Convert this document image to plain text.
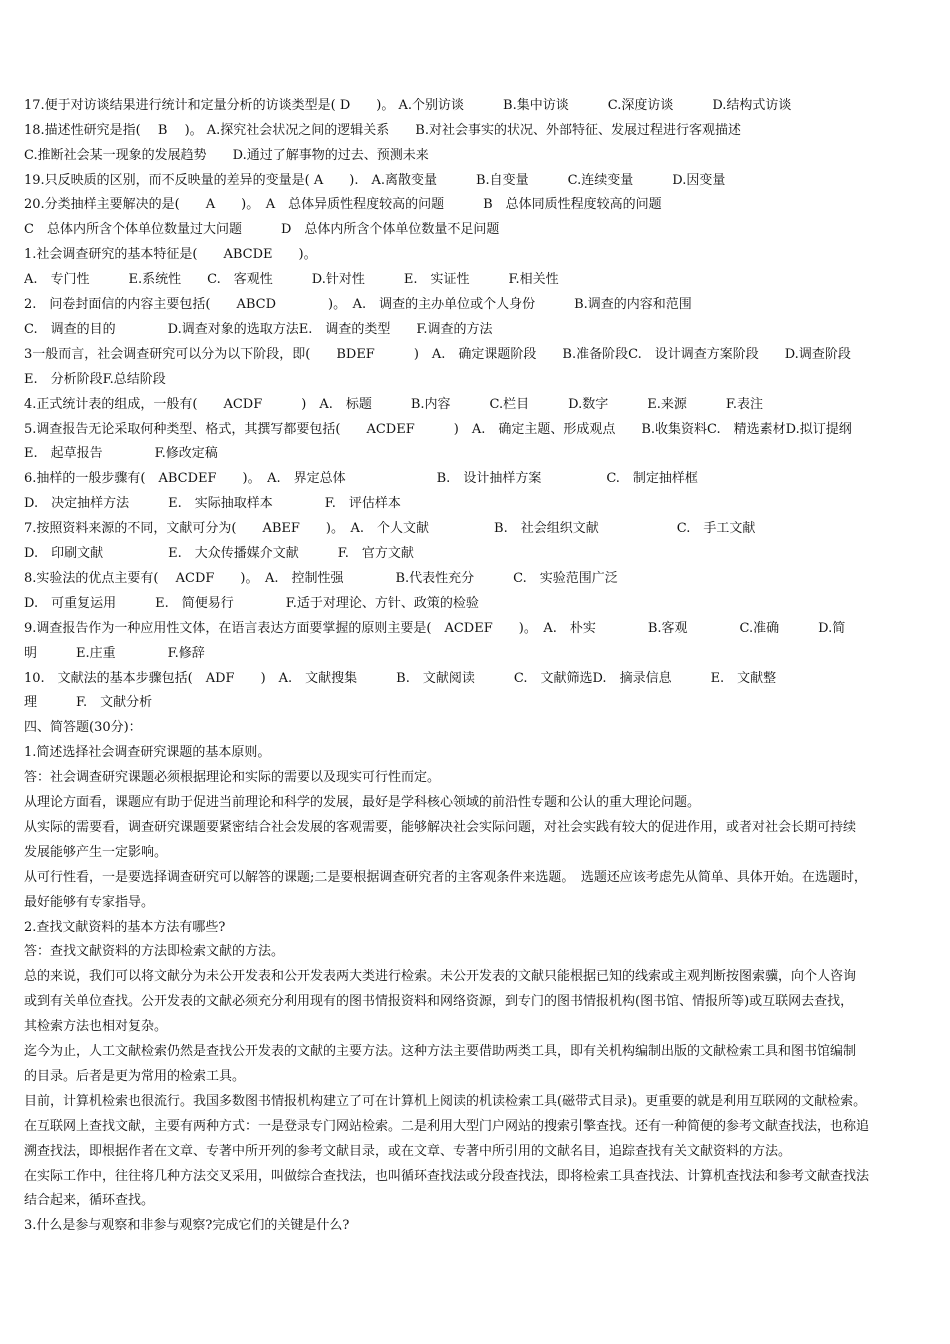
17.便于对访谈结果进行统计和定量分析的访谈类型是( D　　)。 A.个别访谈　　　B.集中访谈　　　C.深度访谈　　　D.结构式访谈
18.描述性研究是指(　 B　 )。 A.探究社会状况之间的逻辑关系　　B.对社会事实的状况、外部特征、发展过程进行客观描述
C.推断社会某一现象的发展趋势　　D.通过了解事物的过去、预测未来
19.只反映质的区别，而不反映量的差异的变量是( A　　).　A.离散变量　　　B.自变量　　　C.连续变量　　　D.因变量
20.分类抽样主要解决的是(　　A　　)。　A　总体异质性程度较高的问题　　　B　总体同质性程度较高的问题
C　总体内所含个体单位数量过大问题　　　D　总体内所含个体单位数量不足问题
1.社会调查研究的基本特征是(　　ABCDE　　)。
A.　专门性　　　E.系统性　　C.　客观性　　　D.针对性　　　E.　实证性　　　F.相关性
2.　问卷封面信的内容主要包括(　　ABCD　　　　)。　A.　调查的主办单位或个人身份　　　B.调查的内容和范围
C.　调查的目的　　　　D.调查对象的选取方法E.　调查的类型　　F.调查的方法
3一般而言，社会调查研究可以分为以下阶段，即(　　BDEF　　　)　A.　确定课题阶段　　B.准备阶段C.　设计调查方案阶段　　D.调查阶段
E.　分析阶段F.总结阶段
4.正式统计表的组成，一般有(　　ACDF　　　)　A.　标题　　　B.内容　　　C.栏目　　　D.数字　　　E.来源　　　F.表注
5.调查报告无论采取何种类型、格式，其撰写都要包括(　　ACDEF　　　)　A.　确定主题、形成观点　　B.收集资料C.　精选素材D.拟订提纲
E.　起草报告　　　　F.修改定稿
6.抽样的一般步骤有(　ABCDEF　　)。　A.　界定总体　　　　　　　B.　设计抽样方案　　　　　C.　制定抽样框
D.　决定抽样方法　　　E.　实际抽取样本　　　　F.　评估样本
7.按照资料来源的不同，文献可分为(　　ABEF　　)。　A.　个人文献　　　　　B.　社会组织文献　　　　　　C.　手工文献
D.　印刷文献　　　　　E.　大众传播媒介文献　　　F.　官方文献
8.实验法的优点主要有(　 ACDF　　)。　A.　控制性强　　　　B.代表性充分　　　C.　实验范围广泛
D.　可重复运用　　　E.　简便易行　　　　F.适于对理论、方针、政策的检验
9.调查报告作为一种应用性文体，在语言表达方面要掌握的原则主要是(　ACDEF　　)。　A.　朴实　　　　B.客观　　　　C.准确　　　D.简
明　　　E.庄重　　　　F.修辞
10.　文献法的基本步骤包括(　ADF　　)　A.　文献搜集　　　B.　文献阅读　　　C.　文献筛选D.　摘录信息　　　E.　文献整
理　　　F.　文献分析
四、简答题(30分)：
1.简述选择社会调查研究课题的基本原则。
答：社会调查研究课题必须根据理论和实际的需要以及现实可行性而定。
从理论方面看，课题应有助于促进当前理论和科学的发展，最好是学科核心领域的前沿性专题和公认的重大理论问题。
从实际的需要看，调查研究课题要紧密结合社会发展的客观需要，能够解决社会实际问题，对社会实践有较大的促进作用，或者对社会长期可持续
发展能够产生一定影响。
从可行性看，一是要选择调查研究可以解答的课题;二是要根据调查研究者的主客观条件来选题。　选题还应该考虑先从简单、具体开始。在选题时，
最好能够有专家指导。
2.查找文献资料的基本方法有哪些?
答：查找文献资料的方法即检索文献的方法。
总的来说，我们可以将文献分为未公开发表和公开发表两大类进行检索。未公开发表的文献只能根据已知的线索或主观判断按图索骥，向个人咨询
或到有关单位查找。公开发表的文献必须充分利用现有的图书情报资料和网络资源，到专门的图书情报机构(图书馆、情报所等)或互联网去查找，
其检索方法也相对复杂。
迄今为止，人工文献检索仍然是查找公开发表的文献的主要方法。这种方法主要借助两类工具，即有关机构编制出版的文献检索工具和图书馆编制
的目录。后者是更为常用的检索工具。
目前，计算机检索也很流行。我国多数图书情报机构建立了可在计算机上阅读的机读检索工具(磁带式目录)。更重要的就是利用互联网的文献检索。
在互联网上查找文献，主要有两种方式：一是登录专门网站检索。二是利用大型门户网站的搜索引擎查找。还有一种简便的参考文献查找法，也称追
溯查找法，即根据作者在文章、专著中所开列的参考文献目录，或在文章、专著中所引用的文献名目，追踪查找有关文献资料的方法。
在实际工作中，往往将几种方法交叉采用，叫做综合查找法，也叫循环查找法或分段查找法，即将检索工具查找法、计算机查找法和参考文献查找法
结合起来，循环查找。
3.什么是参与观察和非参与观察?完成它们的关键是什么?
